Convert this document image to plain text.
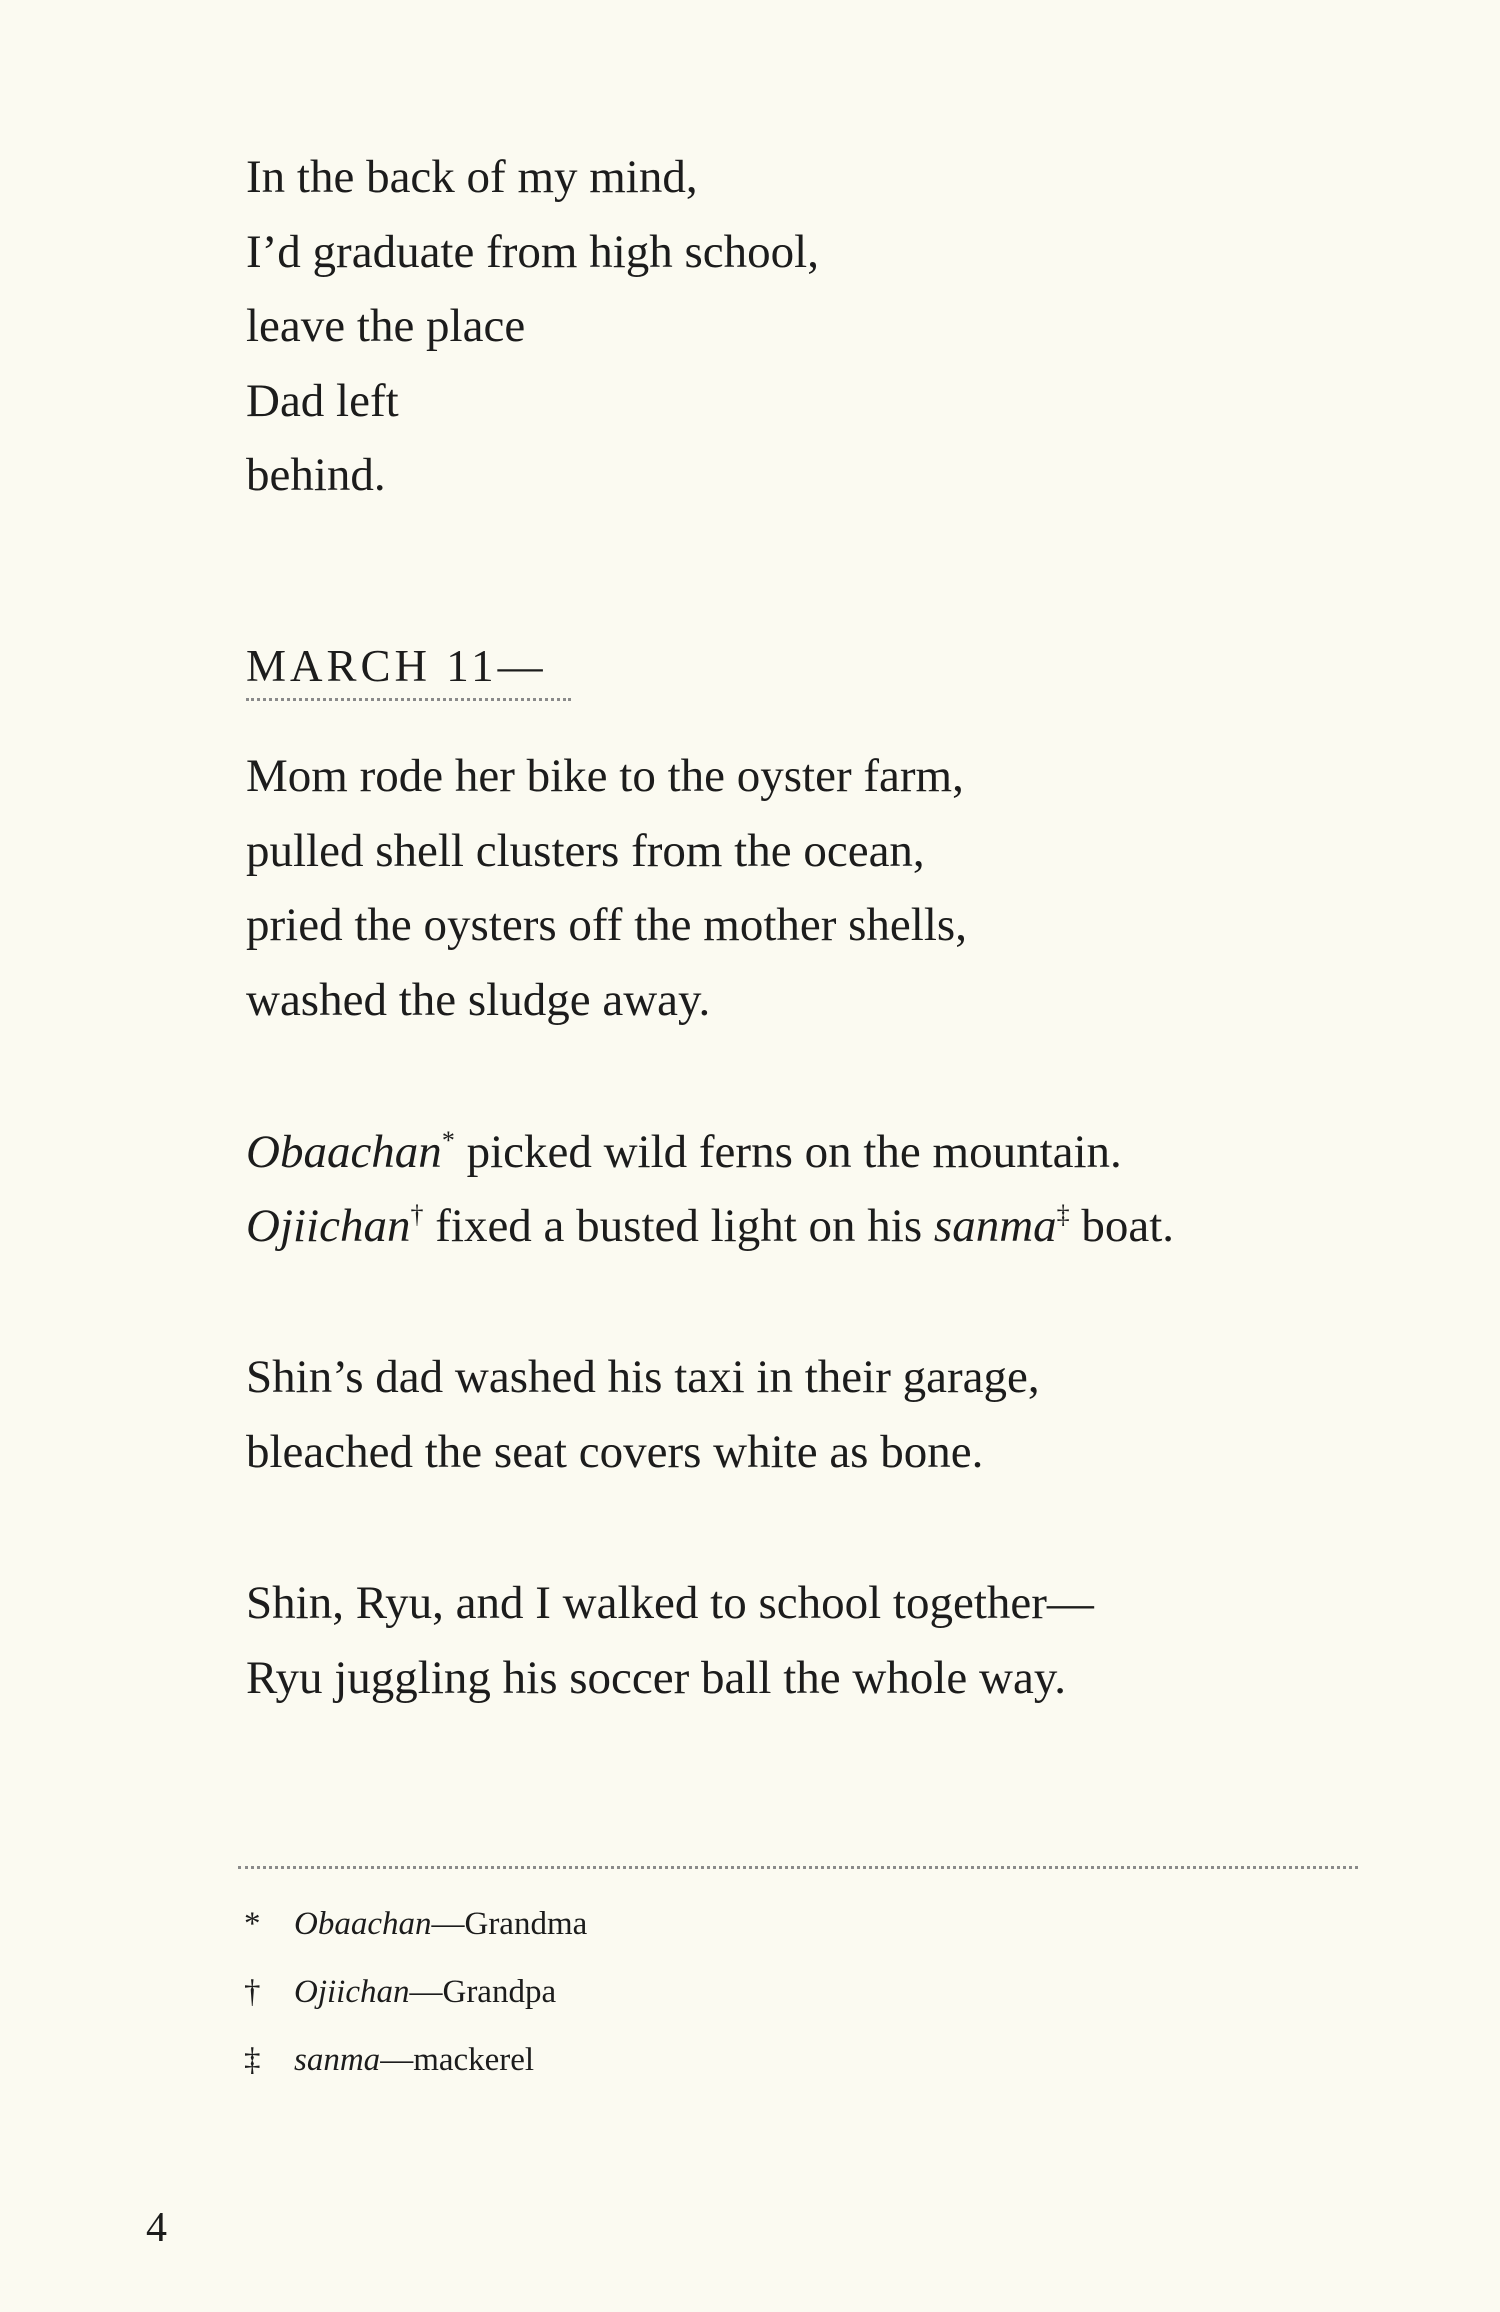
In the back of my mind,
I’d graduate from high school,
leave the place
Dad left
behind.
MARCH 11—
Mom rode her bike to the oyster farm,
pulled shell clusters from the ocean,
pried the oysters off the mother shells,
washed the sludge away.
Obaachan* picked wild ferns on the mountain.
Ojiichan† fixed a busted light on his sanma‡ boat.
Shin’s dad washed his taxi in their garage,
bleached the seat covers white as bone.
Shin, Ryu, and I walked to school together—
Ryu juggling his soccer ball the whole way.
* Obaachan—Grandma
† Ojiichan—Grandpa
‡ sanma—mackerel
4
